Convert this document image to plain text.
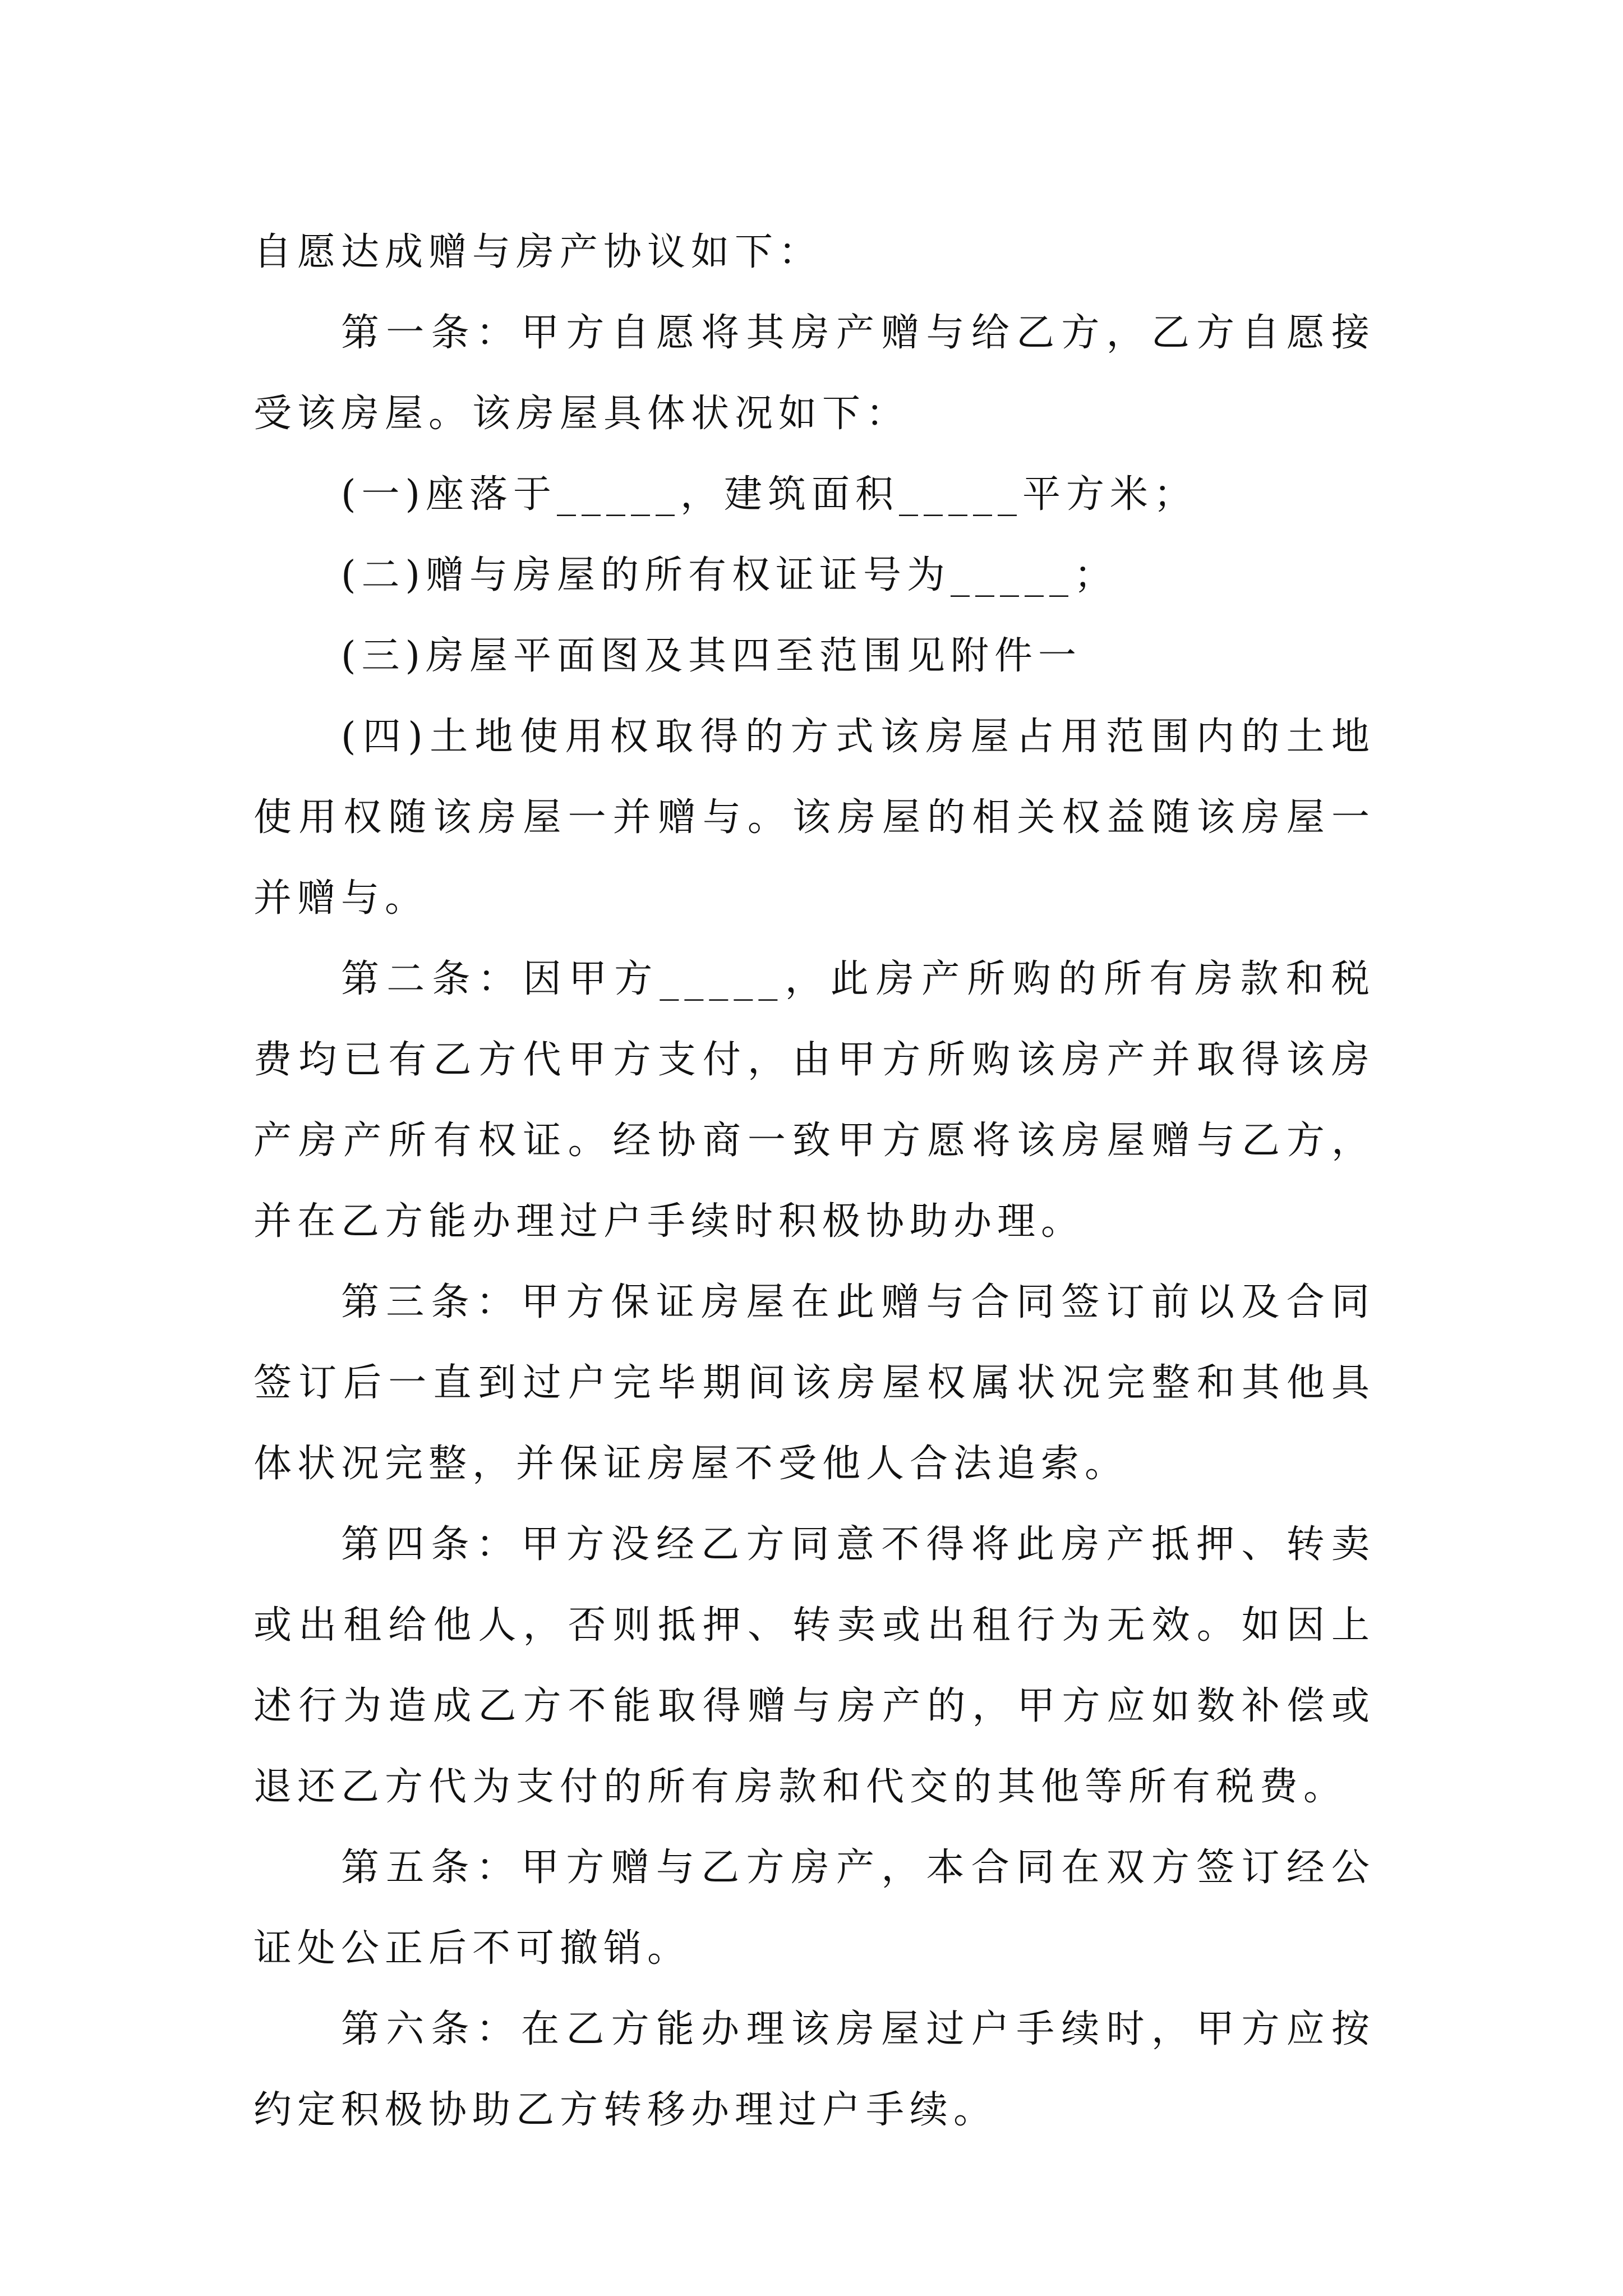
自愿达成赠与房产协议如下：

第一条：甲方自愿将其房产赠与给乙方，乙方自愿接受该房屋。该房屋具体状况如下：

(一)座落于_____，建筑面积_____平方米；

(二)赠与房屋的所有权证证号为_____；

(三)房屋平面图及其四至范围见附件一

(四)土地使用权取得的方式该房屋占用范围内的土地使用权随该房屋一并赠与。该房屋的相关权益随该房屋一并赠与。

第二条：因甲方_____，此房产所购的所有房款和税费均已有乙方代甲方支付，由甲方所购该房产并取得该房产房产所有权证。经协商一致甲方愿将该房屋赠与乙方，并在乙方能办理过户手续时积极协助办理。

第三条：甲方保证房屋在此赠与合同签订前以及合同签订后一直到过户完毕期间该房屋权属状况完整和其他具体状况完整，并保证房屋不受他人合法追索。

第四条：甲方没经乙方同意不得将此房产抵押、转卖或出租给他人，否则抵押、转卖或出租行为无效。如因上述行为造成乙方不能取得赠与房产的，甲方应如数补偿或退还乙方代为支付的所有房款和代交的其他等所有税费。

第五条：甲方赠与乙方房产，本合同在双方签订经公证处公正后不可撤销。

第六条：在乙方能办理该房屋过户手续时，甲方应按约定积极协助乙方转移办理过户手续。
